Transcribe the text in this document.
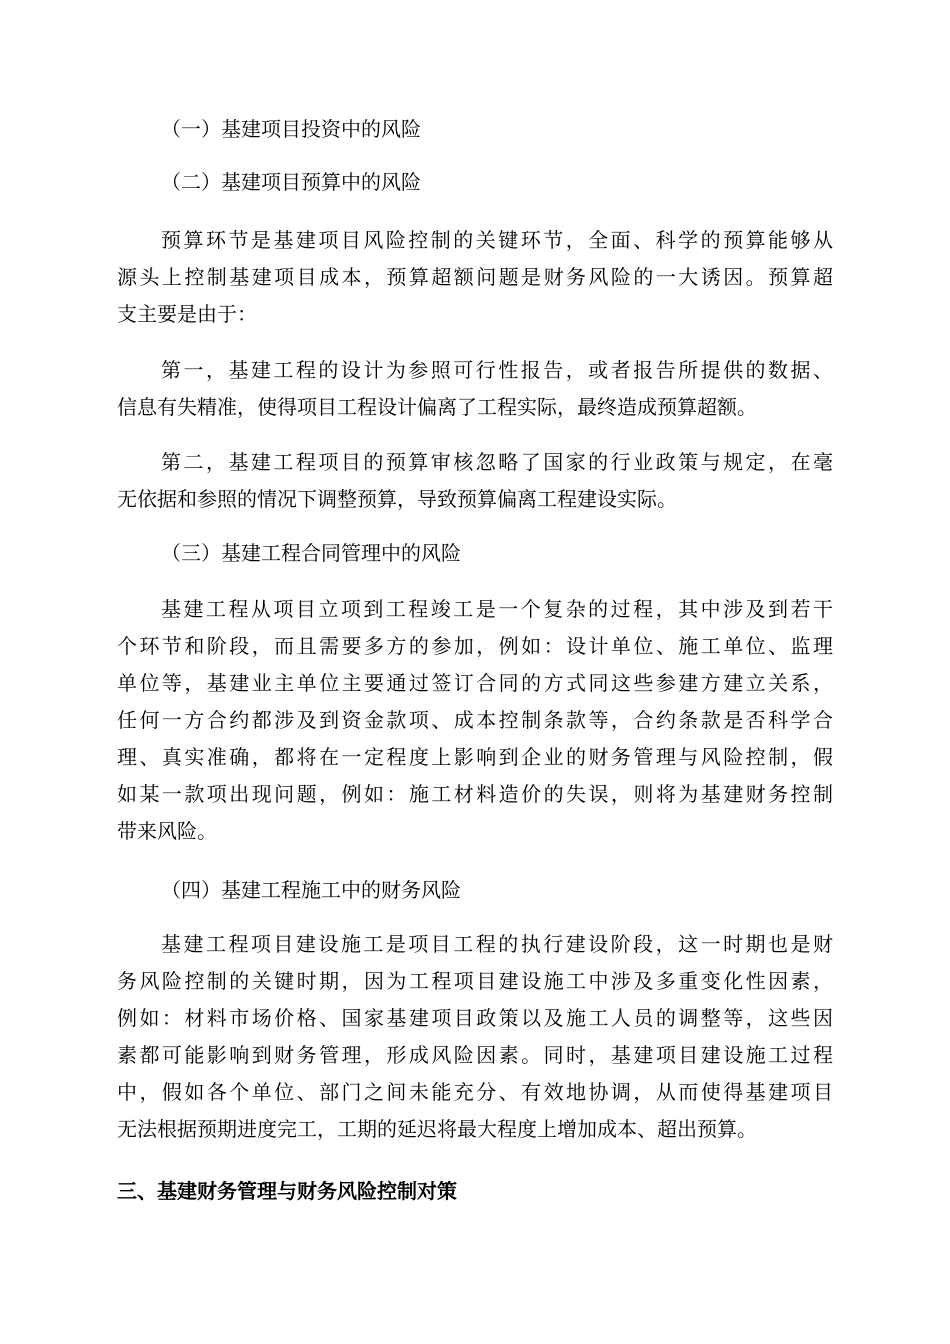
（一）基建项目投资中的风险

（二）基建项目预算中的风险

预算环节是基建项目风险控制的关键环节，全面、科学的预算能够从
源头上控制基建项目成本，预算超额问题是财务风险的一大诱因。预算超
支主要是由于：
第一，基建工程的设计为参照可行性报告，或者报告所提供的数据、
信息有失精准，使得项目工程设计偏离了工程实际，最终造成预算超额。
第二，基建工程项目的预算审核忽略了国家的行业政策与规定，在毫
无依据和参照的情况下调整预算，导致预算偏离工程建设实际。

（三）基建工程合同管理中的风险

基建工程从项目立项到工程竣工是一个复杂的过程，其中涉及到若干
个环节和阶段，而且需要多方的参加，例如：设计单位、施工单位、监理
单位等，基建业主单位主要通过签订合同的方式同这些参建方建立关系，
任何一方合约都涉及到资金款项、成本控制条款等，合约条款是否科学合
理、真实准确，都将在一定程度上影响到企业的财务管理与风险控制，假
如某一款项出现问题，例如：施工材料造价的失误，则将为基建财务控制
带来风险。

（四）基建工程施工中的财务风险

基建工程项目建设施工是项目工程的执行建设阶段，这一时期也是财
务风险控制的关键时期，因为工程项目建设施工中涉及多重变化性因素，
例如：材料市场价格、国家基建项目政策以及施工人员的调整等，这些因
素都可能影响到财务管理，形成风险因素。同时，基建项目建设施工过程
中，假如各个单位、部门之间未能充分、有效地协调，从而使得基建项目
无法根据预期进度完工，工期的延迟将最大程度上增加成本、超出预算。

三、基建财务管理与财务风险控制对策
